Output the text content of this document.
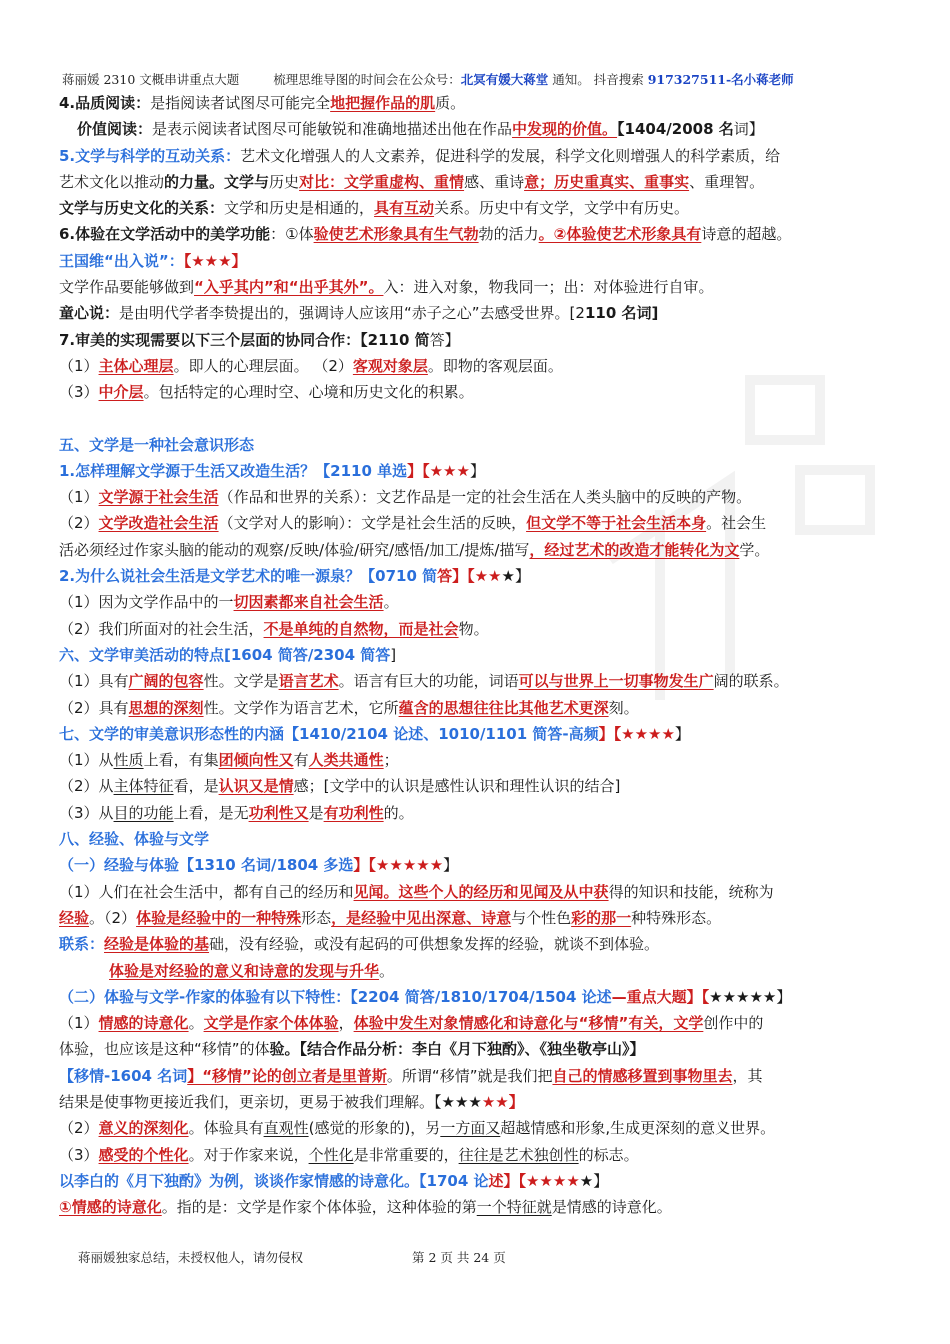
蒋丽媛 2310 文概串讲重点大题	梳理思维导图的时间会在公众号：北冥有媛大蒋堂 通知。 抖音搜索 917327511-名小蒋老师
4.品质阅读：是指阅读者试图尽可能完全地把握作品的肌质。
价值阅读：是表示阅读者试图尽可能敏锐和准确地描述出他在作品中发现的价值。【1404/2008 名词】
5.文学与科学的互动关系：艺术文化增强人的人文素养，促进科学的发展，科学文化则增强人的科学素质，给
艺术文化以推动的力量。文学与历史对比：文学重虚构、重情感、重诗意；历史重真实、重事实、重理智。
文学与历史文化的关系：文学和历史是相通的，具有互动关系。历史中有文学，文学中有历史。
6.体验在文学活动中的美学功能：①体验使艺术形象具有生气勃勃的活力。②体验使艺术形象具有诗意的超越。
王国维“出入说”：【★★★】
文学作品要能够做到“入乎其内”和“出乎其外”。入：进入对象，物我同一；出：对体验进行自审。
童心说：是由明代学者李贽提出的，强调诗人应该用“赤子之心”去感受世界。[2110 名词]
7.审美的实现需要以下三个层面的协同合作：【2110 简答】
（1）主体心理层。即人的心理层面。 （2）客观对象层。即物的客观层面。
（3）中介层。包括特定的心理时空、心境和历史文化的积累。
五、文学是一种社会意识形态
1.怎样理解文学源于生活又改造生活？【2110 单选】【★★★】
（1）文学源于社会生活（作品和世界的关系）：文艺作品是一定的社会生活在人类头脑中的反映的产物。
（2）文学改造社会生活（文学对人的影响）：文学是社会生活的反映，但文学不等于社会生活本身。社会生
活必须经过作家头脑的能动的观察/反映/体验/研究/感悟/加工/提炼/描写，经过艺术的改造才能转化为文学。
2.为什么说社会生活是文学艺术的唯一源泉？【0710 简答】【★★★】
（1）因为文学作品中的一切因素都来自社会生活。
（2）我们所面对的社会生活，不是单纯的自然物，而是社会物。
六、文学审美活动的特点[1604 简答/2304 简答]
（1）具有广阔的包容性。文学是语言艺术。语言有巨大的功能，词语可以与世界上一切事物发生广阔的联系。
（2）具有思想的深刻性。文学作为语言艺术，它所蕴含的思想往往比其他艺术更深刻。
七、文学的审美意识形态性的内涵【1410/2104 论述、1010/1101 简答-高频】【★★★★】
（1）从性质上看，有集团倾向性又有人类共通性；
（2）从主体特征看，是认识又是情感；[文学中的认识是感性认识和理性认识的结合]
（3）从目的功能上看，是无功利性又是有功利性的。
八、经验、体验与文学
（一）经验与体验【1310 名词/1804 多选】【★★★★★】
（1）人们在社会生活中，都有自己的经历和见闻。这些个人的经历和见闻及从中获得的知识和技能，统称为
经验。（2）体验是经验中的一种特殊形态，是经验中见出深意、诗意与个性色彩的那一种特殊形态。
联系：经验是体验的基础，没有经验，或没有起码的可供想象发挥的经验，就谈不到体验。
体验是对经验的意义和诗意的发现与升华。
（二）体验与文学-作家的体验有以下特性：【2204 简答/1810/1704/1504 论述—重点大题】【★★★★★】
（1）情感的诗意化。文学是作家个体体验，体验中发生对象情感化和诗意化与“移情”有关，文学创作中的
体验，也应该是这种“移情”的体验。【结合作品分析：李白《月下独酌》、《独坐敬亭山》】
【移情-1604 名词】“移情”论的创立者是里普斯。所谓“移情”就是我们把自己的情感移置到事物里去，其
结果是使事物更接近我们，更亲切，更易于被我们理解。【★★★★★】
（2）意义的深刻化。体验具有直观性(感觉的形象的)，另一方面又超越情感和形象,生成更深刻的意义世界。
（3）感受的个性化。对于作家来说，个性化是非常重要的，往往是艺术独创性的标志。
以李白的《月下独酌》为例，谈谈作家情感的诗意化。【1704 论述】【★★★★★】
①情感的诗意化。指的是：文学是作家个体体验，这种体验的第一个特征就是情感的诗意化。
蒋丽媛独家总结，未授权他人，请勿侵权	第 2 页 共 24 页
